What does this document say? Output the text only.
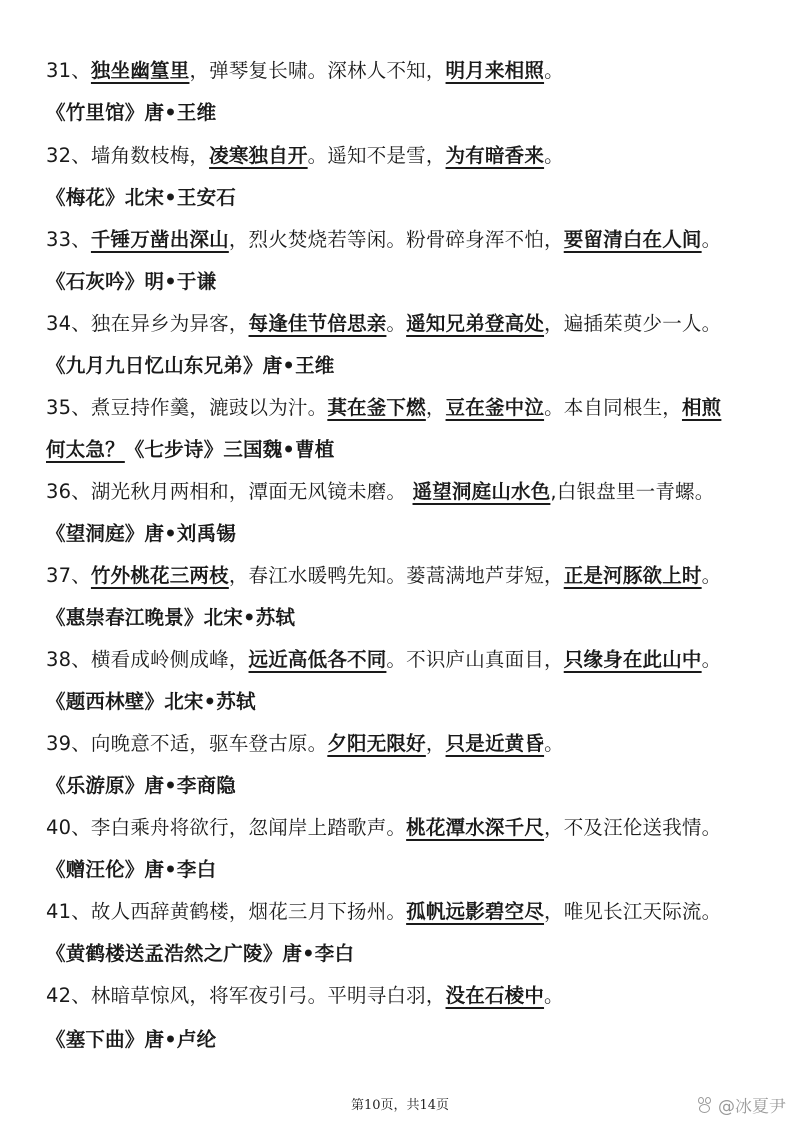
31、独坐幽篁里，弹琴复长啸。深林人不知，明月来相照。
《竹里馆》唐•王维
32、墙角数枝梅，凌寒独自开。遥知不是雪，为有暗香来。
《梅花》北宋•王安石
33、千锤万凿出深山，烈火焚烧若等闲。粉骨碎身浑不怕，要留清白在人间。
《石灰吟》明•于谦
34、独在异乡为异客，每逢佳节倍思亲。遥知兄弟登高处，遍插茱萸少一人。
《九月九日忆山东兄弟》唐•王维
35、煮豆持作羹，漉豉以为汁。萁在釜下燃，豆在釜中泣。本自同根生，相煎
何太急？《七步诗》三国魏•曹植
36、湖光秋月两相和，潭面无风镜未磨。 遥望洞庭山水色,白银盘里一青螺。
《望洞庭》唐•刘禹锡
37、竹外桃花三两枝，春江水暖鸭先知。蒌蒿满地芦芽短，正是河豚欲上时。
《惠崇春江晚景》北宋•苏轼
38、横看成岭侧成峰，远近高低各不同。不识庐山真面目，只缘身在此山中。
《题西林壁》北宋•苏轼
39、向晚意不适，驱车登古原。夕阳无限好，只是近黄昏。
《乐游原》唐•李商隐
40、李白乘舟将欲行，忽闻岸上踏歌声。桃花潭水深千尺，不及汪伦送我情。
《赠汪伦》唐•李白
41、故人西辞黄鹤楼，烟花三月下扬州。孤帆远影碧空尽，唯见长江天际流。
《黄鹤楼送孟浩然之广陵》唐•李白
42、林暗草惊风，将军夜引弓。平明寻白羽，没在石棱中。
《塞下曲》唐•卢纶
第10页，共14页	@冰夏尹
